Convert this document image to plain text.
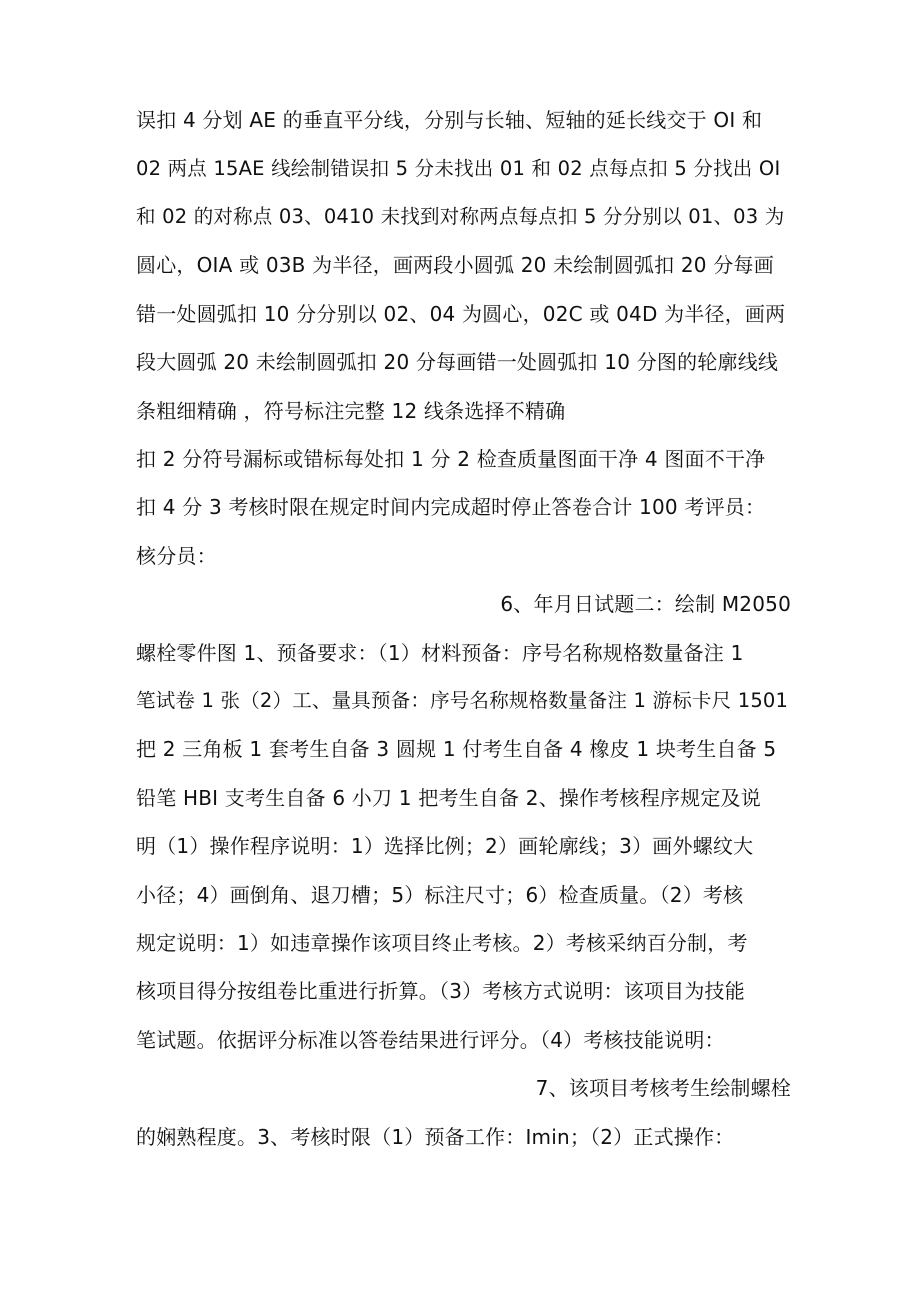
误扣 4 分划 AE 的垂直平分线，分别与长轴、短轴的延长线交于 OI 和
02 两点 15AE 线绘制错误扣 5 分未找出 01 和 02 点每点扣 5 分找出 OI
和 02 的对称点 03、0410 未找到对称两点每点扣 5 分分别以 01、03 为
圆心，OIA 或 03B 为半径，画两段小圆弧 20 未绘制圆弧扣 20 分每画
错一处圆弧扣 10 分分别以 02、04 为圆心，02C 或 04D 为半径，画两
段大圆弧 20 未绘制圆弧扣 20 分每画错一处圆弧扣 10 分图的轮廓线线
条粗细精确 ，符号标注完整 12 线条选择不精确
扣 2 分符号漏标或错标每处扣 1 分 2 检查质量图面干净 4 图面不干净
扣 4 分 3 考核时限在规定时间内完成超时停止答卷合计 100 考评员：
核分员：
6、年月日试题二：绘制 M2050
螺栓零件图 1、预备要求：（1）材料预备：序号名称规格数量备注 1
笔试卷 1 张（2）工、量具预备：序号名称规格数量备注 1 游标卡尺 1501
把 2 三角板 1 套考生自备 3 圆规 1 付考生自备 4 橡皮 1 块考生自备 5
铅笔 HBI 支考生自备 6 小刀 1 把考生自备 2、操作考核程序规定及说
明（1）操作程序说明：1）选择比例；2）画轮廓线；3）画外螺纹大
小径；4）画倒角、退刀槽；5）标注尺寸；6）检查质量。（2）考核
规定说明：1）如违章操作该项目终止考核。2）考核采纳百分制，考
核项目得分按组卷比重进行折算。（3）考核方式说明：该项目为技能
笔试题。依据评分标准以答卷结果进行评分。（4）考核技能说明：
7、该项目考核考生绘制螺栓
的娴熟程度。3、考核时限（1）预备工作：Imin；（2）正式操作：
